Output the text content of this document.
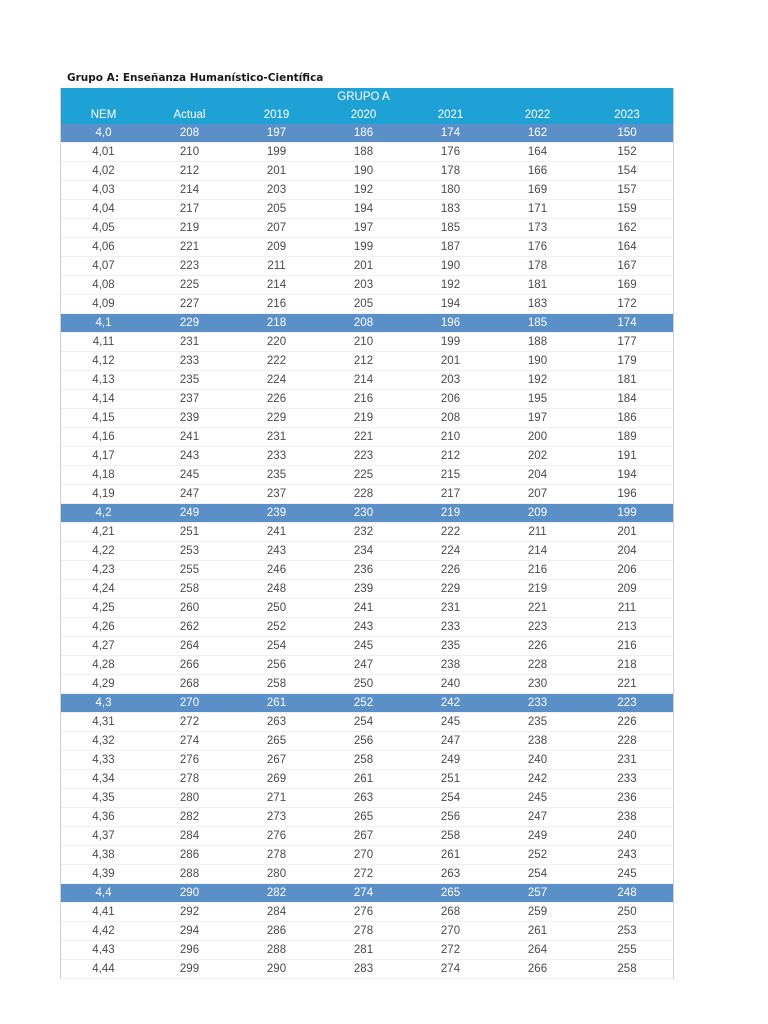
Grupo A: Enseñanza Humanístico-Científica
		GRUPO A				
NEM	Actual	2019	2020	2021	2022	2023
4,0	208	197	186	174	162	150
4,01	210	199	188	176	164	152
4,02	212	201	190	178	166	154
4,03	214	203	192	180	169	157
4,04	217	205	194	183	171	159
4,05	219	207	197	185	173	162
4,06	221	209	199	187	176	164
4,07	223	211	201	190	178	167
4,08	225	214	203	192	181	169
4,09	227	216	205	194	183	172
4,1	229	218	208	196	185	174
4,11	231	220	210	199	188	177
4,12	233	222	212	201	190	179
4,13	235	224	214	203	192	181
4,14	237	226	216	206	195	184
4,15	239	229	219	208	197	186
4,16	241	231	221	210	200	189
4,17	243	233	223	212	202	191
4,18	245	235	225	215	204	194
4,19	247	237	228	217	207	196
4,2	249	239	230	219	209	199
4,21	251	241	232	222	211	201
4,22	253	243	234	224	214	204
4,23	255	246	236	226	216	206
4,24	258	248	239	229	219	209
4,25	260	250	241	231	221	211
4,26	262	252	243	233	223	213
4,27	264	254	245	235	226	216
4,28	266	256	247	238	228	218
4,29	268	258	250	240	230	221
4,3	270	261	252	242	233	223
4,31	272	263	254	245	235	226
4,32	274	265	256	247	238	228
4,33	276	267	258	249	240	231
4,34	278	269	261	251	242	233
4,35	280	271	263	254	245	236
4,36	282	273	265	256	247	238
4,37	284	276	267	258	249	240
4,38	286	278	270	261	252	243
4,39	288	280	272	263	254	245
4,4	290	282	274	265	257	248
4,41	292	284	276	268	259	250
4,42	294	286	278	270	261	253
4,43	296	288	281	272	264	255
4,44	299	290	283	274	266	258
